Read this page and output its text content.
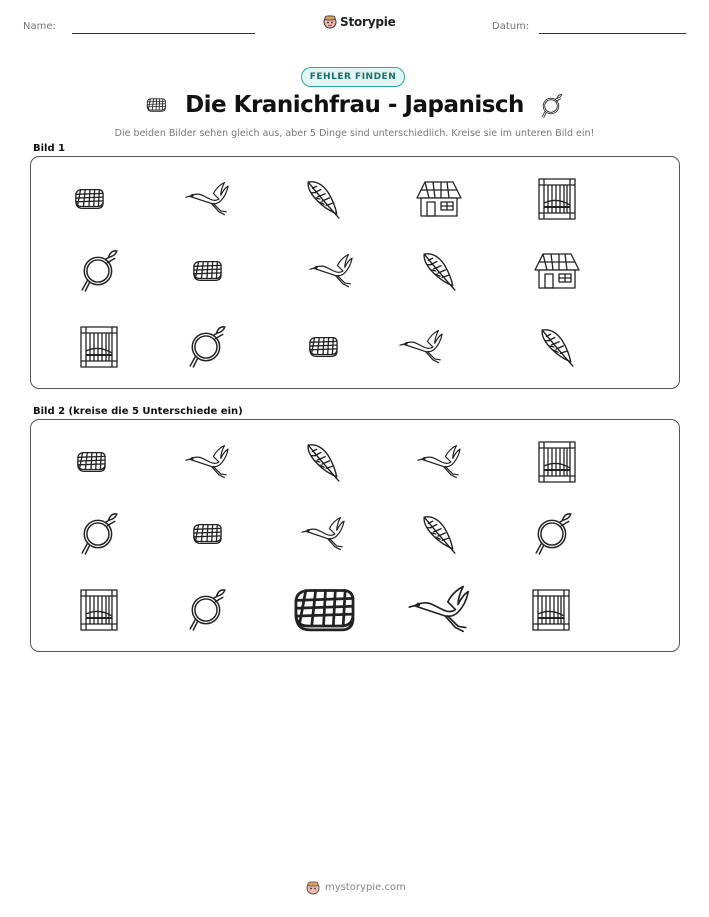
Name:	Storypie	Datum:
FEHLER FINDEN
Die Kranichfrau - Japanisch
Die beiden Bilder sehen gleich aus, aber 5 Dinge sind unterschiedlich. Kreise sie im unteren Bild ein!
Bild 1
Bild 2 (kreise die 5 Unterschiede ein)
mystorypie.com
